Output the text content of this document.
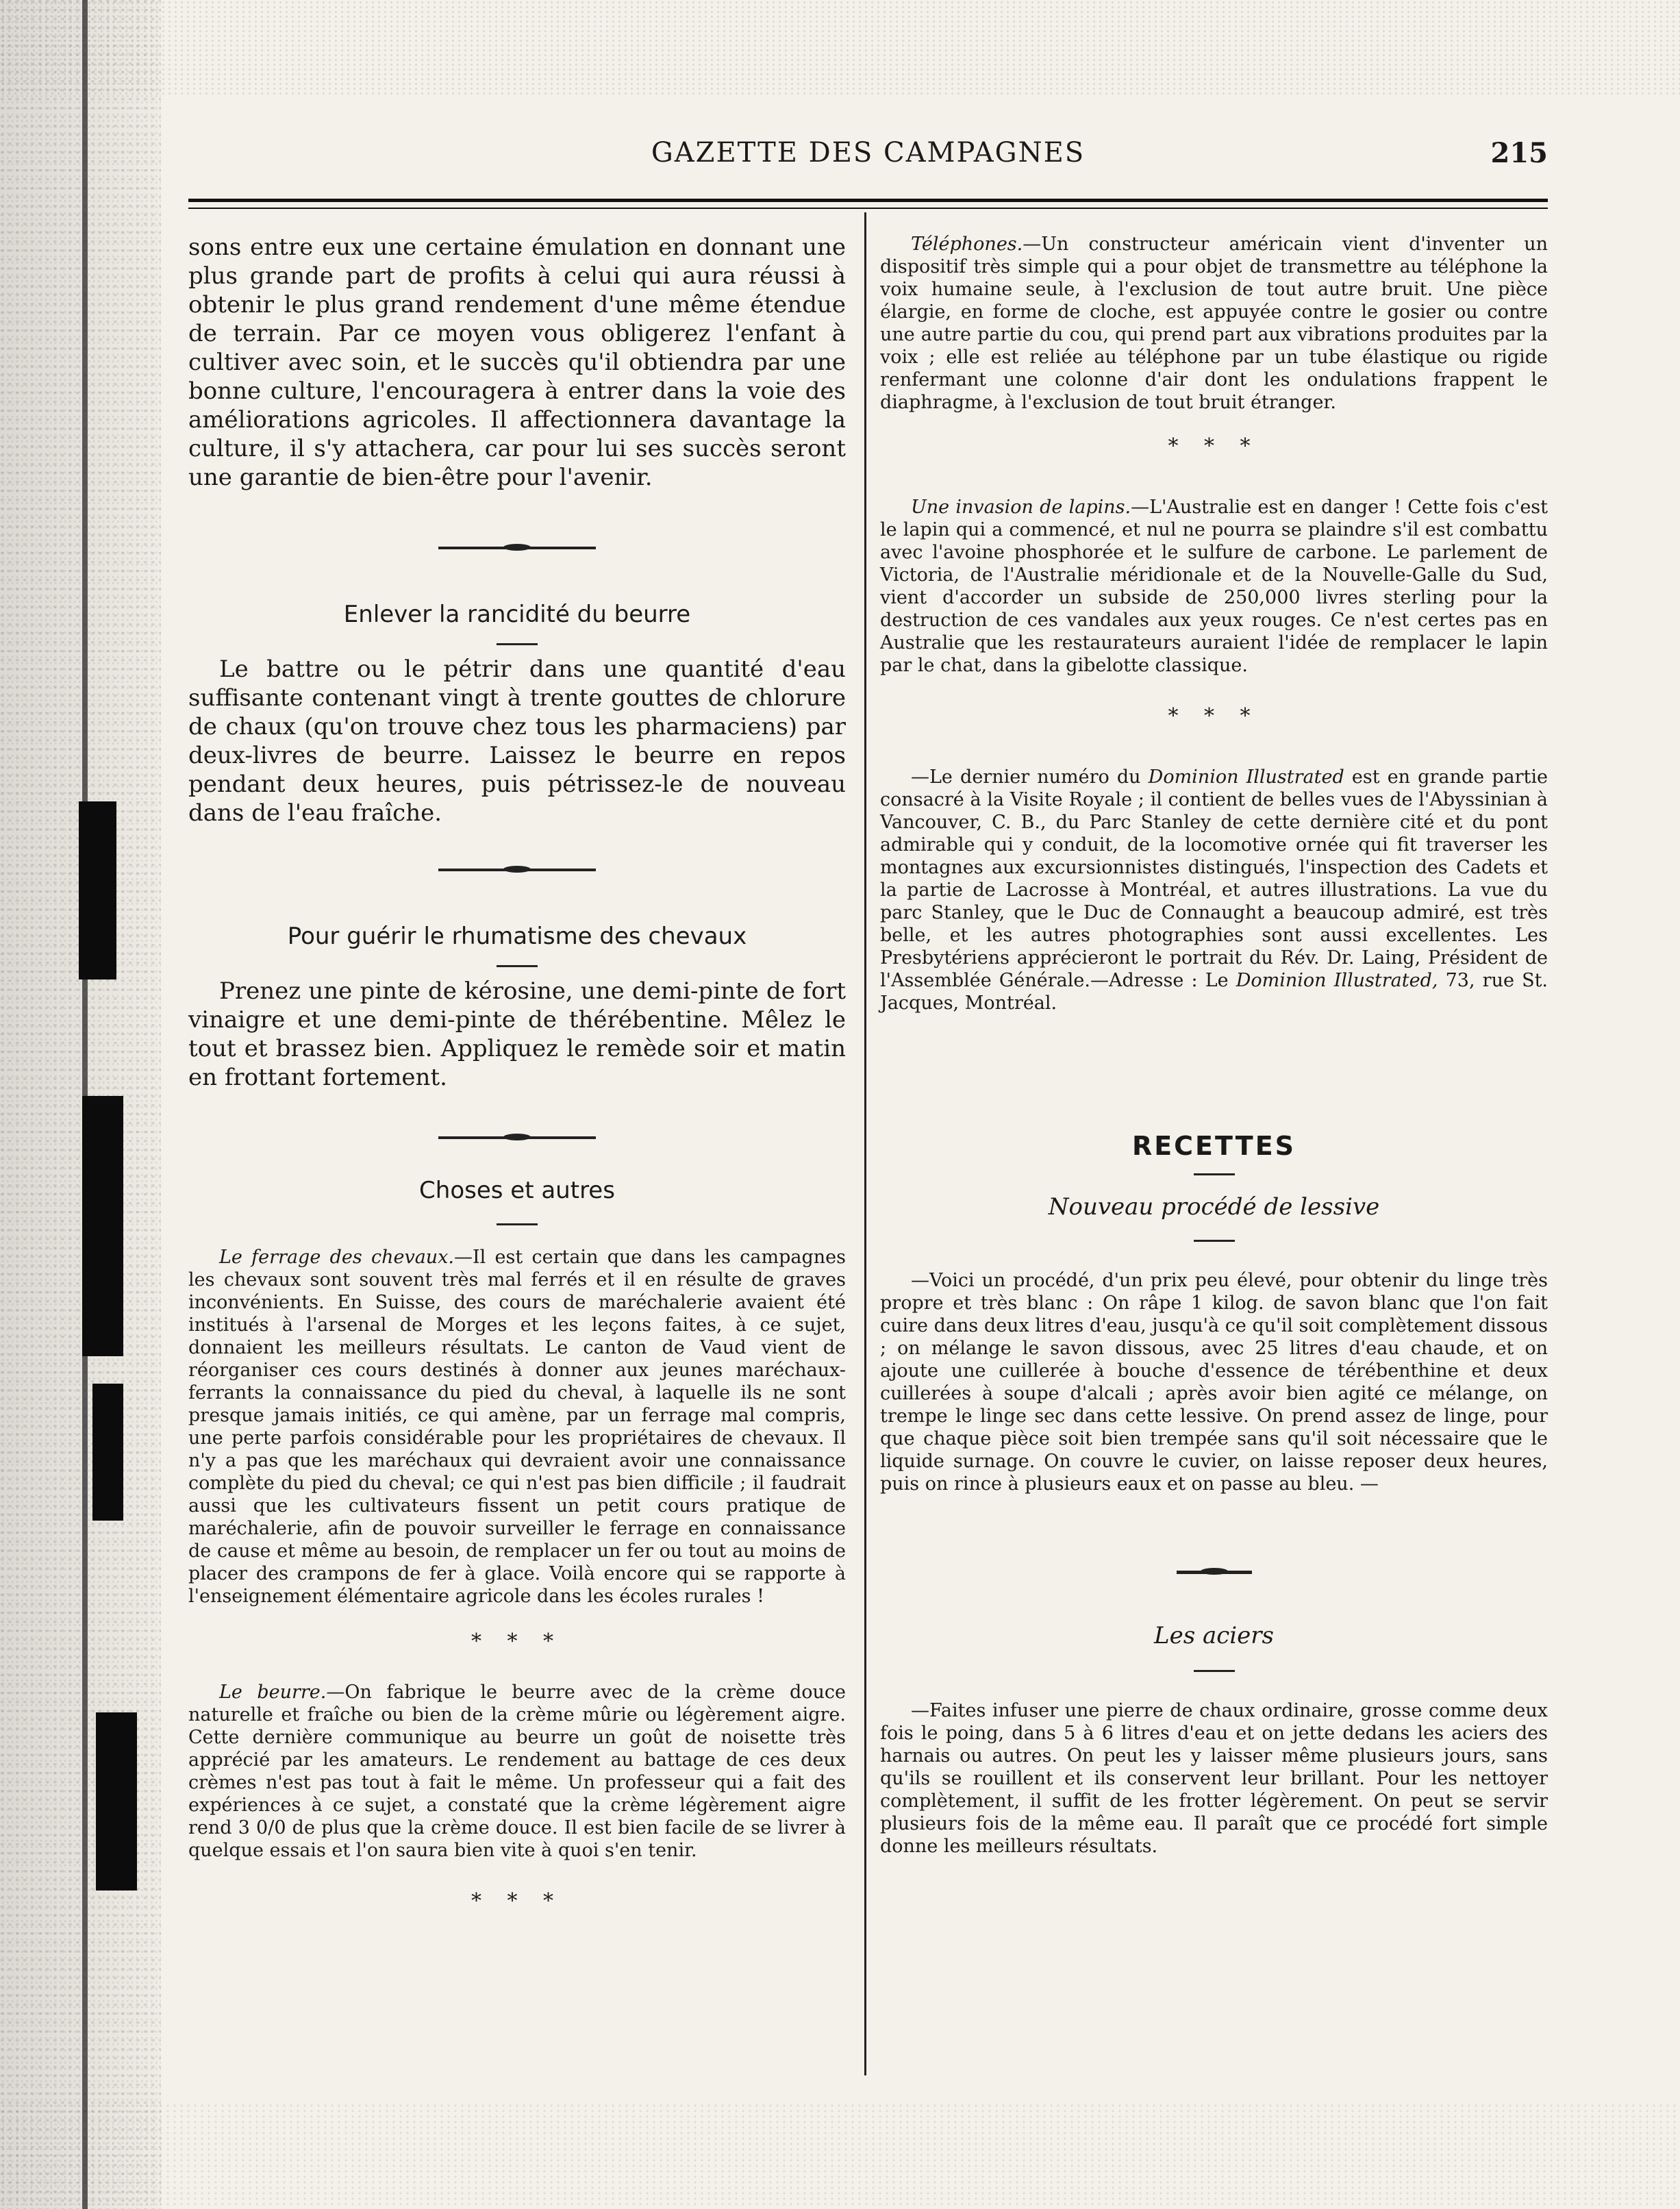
GAZETTE DES CAMPAGNES	215

sons entre eux une certaine émulation en donnant une plus grande part de profits à celui qui aura réussi à obtenir le plus grand rendement d'une même étendue de terrain. Par ce moyen vous obligerez l'enfant à cultiver avec soin, et le succès qu'il obtiendra par une bonne culture, l'encouragera à entrer dans la voie des améliorations agricoles. Il affectionnera davantage la culture, il s'y attachera, car pour lui ses succès seront une garantie de bien-être pour l'avenir.

Enlever la rancidité du beurre

Le battre ou le pétrir dans une quantité d'eau suffisante contenant vingt à trente gouttes de chlorure de chaux (qu'on trouve chez tous les pharmaciens) par deux-livres de beurre. Laissez le beurre en repos pendant deux heures, puis pétrissez-le de nouveau dans de l'eau fraîche.

Pour guérir le rhumatisme des chevaux

Prenez une pinte de kérosine, une demi-pinte de fort vinaigre et une demi-pinte de thérébentine. Mêlez le tout et brassez bien. Appliquez le remède soir et matin en frottant fortement.

Choses et autres

Le ferrage des chevaux.—Il est certain que dans les campagnes les chevaux sont souvent très mal ferrés et il en résulte de graves inconvénients. En Suisse, des cours de maréchalerie avaient été institués à l'arsenal de Morges et les leçons faites, à ce sujet, donnaient les meilleurs résultats. Le canton de Vaud vient de réorganiser ces cours destinés à donner aux jeunes maréchaux-ferrants la connaissance du pied du cheval, à laquelle ils ne sont presque jamais initiés, ce qui amène, par un ferrage mal compris, une perte parfois considérable pour les propriétaires de chevaux. Il n'y a pas que les maréchaux qui devraient avoir une connaissance complète du pied du cheval; ce qui n'est pas bien difficile ; il faudrait aussi que les cultivateurs fissent un petit cours pratique de maréchalerie, afin de pouvoir surveiller le ferrage en connaissance de cause et même au besoin, de remplacer un fer ou tout au moins de placer des crampons de fer à glace. Voilà encore qui se rapporte à l'enseignement élémentaire agricole dans les écoles rurales !

* * *

Le beurre.—On fabrique le beurre avec de la crème douce naturelle et fraîche ou bien de la crème mûrie ou légèrement aigre. Cette dernière communique au beurre un goût de noisette très apprécié par les amateurs. Le rendement au battage de ces deux crèmes n'est pas tout à fait le même. Un professeur qui a fait des expériences à ce sujet, a constaté que la crème légèrement aigre rend 3 0/0 de plus que la crème douce. Il est bien facile de se livrer à quelque essais et l'on saura bien vite à quoi s'en tenir.

* * *

Téléphones.—Un constructeur américain vient d'inventer un dispositif très simple qui a pour objet de transmettre au téléphone la voix humaine seule, à l'exclusion de tout autre bruit. Une pièce élargie, en forme de cloche, est appuyée contre le gosier ou contre une autre partie du cou, qui prend part aux vibrations produites par la voix ; elle est reliée au téléphone par un tube élastique ou rigide renfermant une colonne d'air dont les ondulations frappent le diaphragme, à l'exclusion de tout bruit étranger.

* * *

Une invasion de lapins.—L'Australie est en danger ! Cette fois c'est le lapin qui a commencé, et nul ne pourra se plaindre s'il est combattu avec l'avoine phosphorée et le sulfure de carbone. Le parlement de Victoria, de l'Australie méridionale et de la Nouvelle-Galle du Sud, vient d'accorder un subside de 250,000 livres sterling pour la destruction de ces vandales aux yeux rouges. Ce n'est certes pas en Australie que les restaurateurs auraient l'idée de remplacer le lapin par le chat, dans la gibelotte classique.

* * *

—Le dernier numéro du Dominion Illustrated est en grande partie consacré à la Visite Royale ; il contient de belles vues de l'Abyssinian à Vancouver, C. B., du Parc Stanley de cette dernière cité et du pont admirable qui y conduit, de la locomotive ornée qui fit traverser les montagnes aux excursionnistes distingués, l'inspection des Cadets et la partie de Lacrosse à Montréal, et autres illustrations. La vue du parc Stanley, que le Duc de Connaught a beaucoup admiré, est très belle, et les autres photographies sont aussi excellentes. Les Presbytériens apprécieront le portrait du Rév. Dr. Laing, Président de l'Assemblée Générale.—Adresse : Le Dominion Illustrated, 73, rue St. Jacques, Montréal.

RECETTES

Nouveau procédé de lessive

—Voici un procédé, d'un prix peu élevé, pour obtenir du linge très propre et très blanc : On râpe 1 kilog. de savon blanc que l'on fait cuire dans deux litres d'eau, jusqu'à ce qu'il soit complètement dissous ; on mélange le savon dissous, avec 25 litres d'eau chaude, et on ajoute une cuillerée à bouche d'essence de térébenthine et deux cuillerées à soupe d'alcali ; après avoir bien agité ce mélange, on trempe le linge sec dans cette lessive. On prend assez de linge, pour que chaque pièce soit bien trempée sans qu'il soit nécessaire que le liquide surnage. On couvre le cuvier, on laisse reposer deux heures, puis on rince à plusieurs eaux et on passe au bleu. —

Les aciers

—Faites infuser une pierre de chaux ordinaire, grosse comme deux fois le poing, dans 5 à 6 litres d'eau et on jette dedans les aciers des harnais ou autres. On peut les y laisser même plusieurs jours, sans qu'ils se rouillent et ils conservent leur brillant. Pour les nettoyer complètement, il suffit de les frotter légèrement. On peut se servir plusieurs fois de la même eau. Il paraît que ce procédé fort simple donne les meilleurs résultats.
